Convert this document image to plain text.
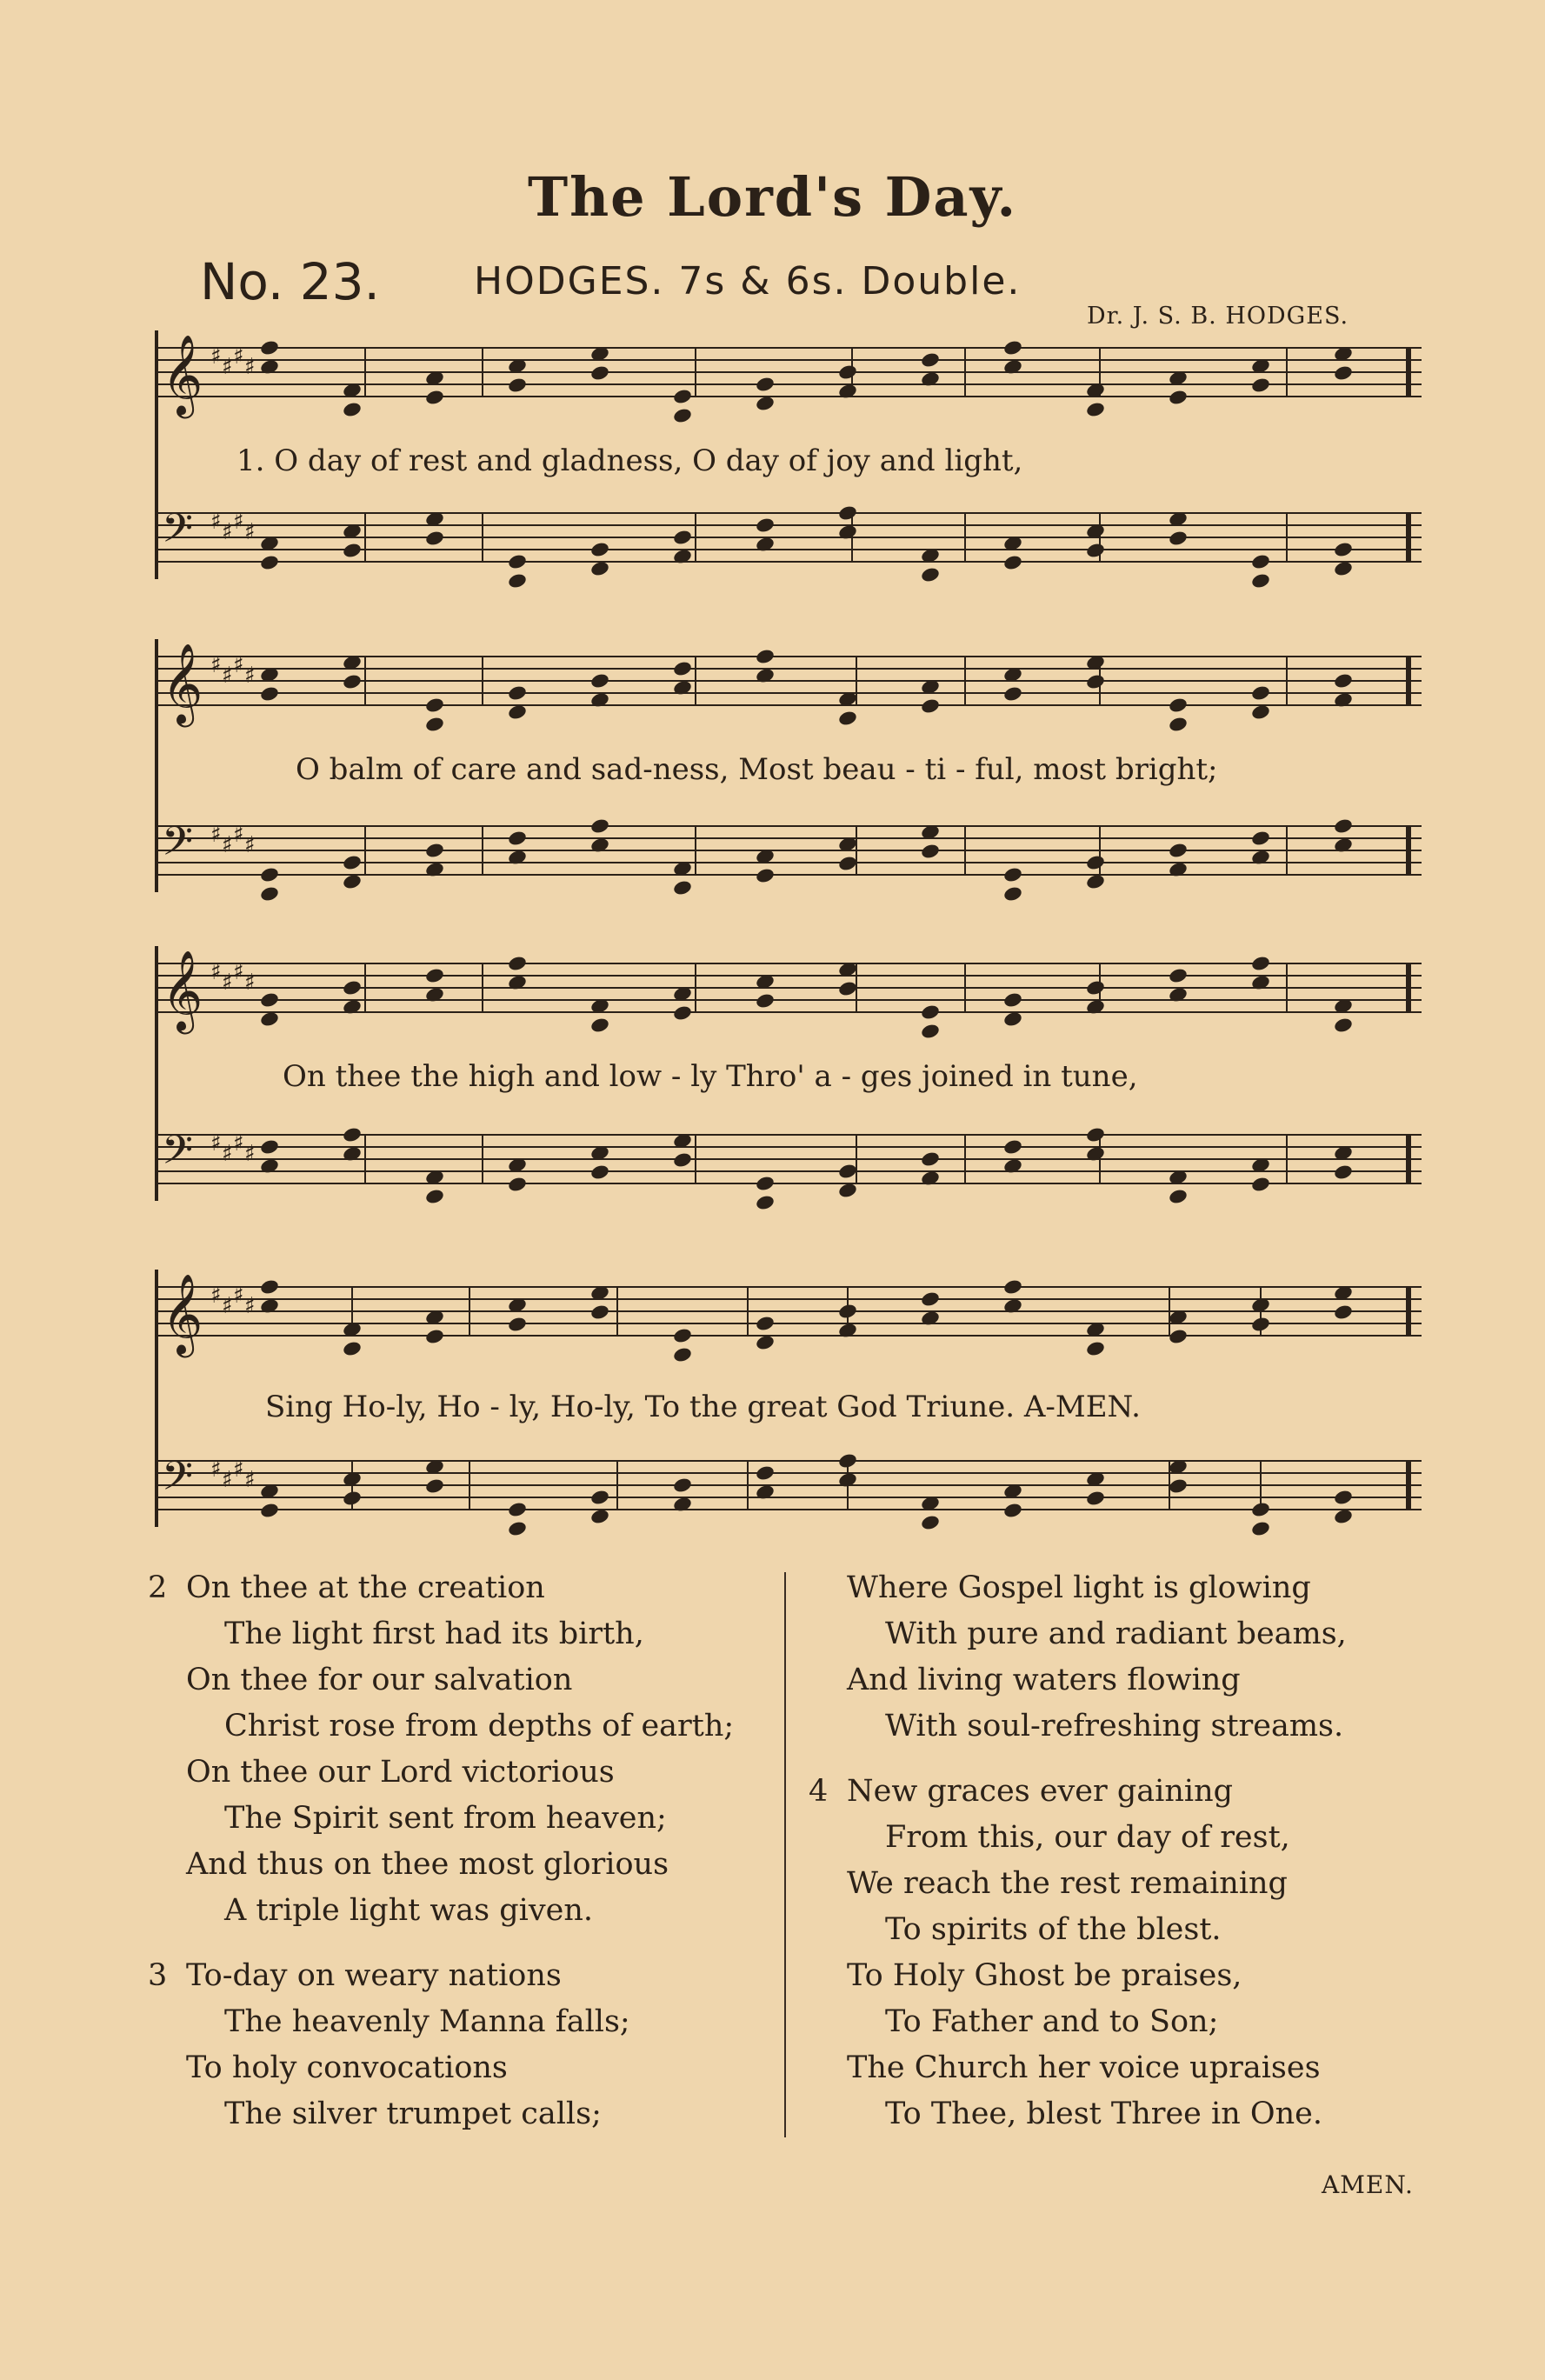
The Lord's Day.
No. 23. HODGES. 7s & 6s. Double.
Dr. J. S. B. HODGES.
𝄞 ♯ ♯ ♯ ♯
𝄢 ♯ ♯ ♯ ♯
𝄞 ♯ ♯ ♯ ♯
𝄢 ♯ ♯ ♯ ♯
𝄞 ♯ ♯ ♯ ♯
𝄢 ♯ ♯ ♯ ♯
𝄞 ♯ ♯ ♯ ♯
𝄢 ♯ ♯ ♯ ♯
1. O day of rest and gladness, O day of joy and light,
O balm of care and sad-ness, Most beau - ti - ful, most bright;
On thee the high and low - ly Thro' a - ges joined in tune,
Sing Ho-ly, Ho - ly, Ho-ly, To the great God Triune. A-MEN.
2 On thee at the creation
The light first had its birth,
On thee for our salvation
Christ rose from depths of earth;
On thee our Lord victorious
The Spirit sent from heaven;
And thus on thee most glorious
A triple light was given.
3 To-day on weary nations
The heavenly Manna falls;
To holy convocations
The silver trumpet calls;
Where Gospel light is glowing
With pure and radiant beams,
And living waters flowing
With soul-refreshing streams.
4 New graces ever gaining
From this, our day of rest,
We reach the rest remaining
To spirits of the blest.
To Holy Ghost be praises,
To Father and to Son;
The Church her voice upraises
To Thee, blest Three in One.
AMEN.
